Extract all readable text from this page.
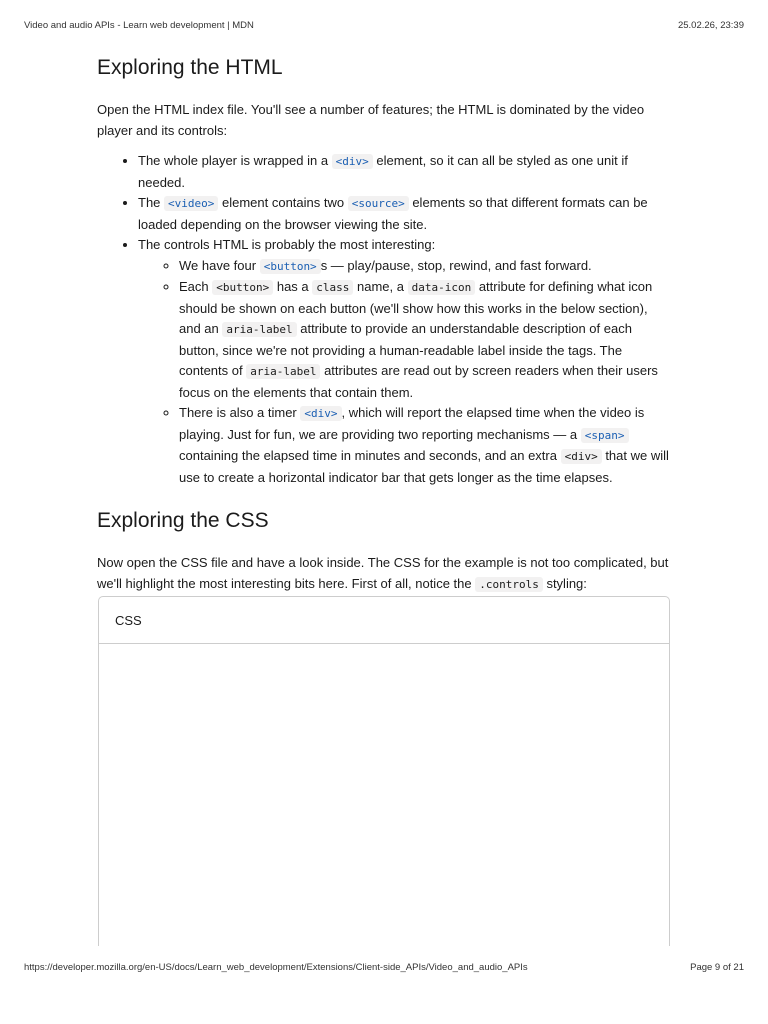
Video and audio APIs - Learn web development | MDN	25.02.26, 23:39
Exploring the HTML

Open the HTML index file. You'll see a number of features; the HTML is dominated by the video player and its controls:

• The whole player is wrapped in a <div> element, so it can all be styled as one unit if needed.
• The <video> element contains two <source> elements so that different formats can be loaded depending on the browser viewing the site.
• The controls HTML is probably the most interesting:
◦ We have four <button> s — play/pause, stop, rewind, and fast forward.
◦ Each <button> has a class name, a data-icon attribute for defining what icon should be shown on each button (we'll show how this works in the below section), and an aria-label attribute to provide an understandable description of each button, since we're not providing a human-readable label inside the tags. The contents of aria-label attributes are read out by screen readers when their users focus on the elements that contain them.
◦ There is also a timer <div> , which will report the elapsed time when the video is playing. Just for fun, we are providing two reporting mechanisms — a <span> containing the elapsed time in minutes and seconds, and an extra <div> that we will use to create a horizontal indicator bar that gets longer as the time elapses.
Exploring the CSS

Now open the CSS file and have a look inside. The CSS for the example is not too complicated, but we'll highlight the most interesting bits here. First of all, notice the .controls styling:

CSS
https://developer.mozilla.org/en-US/docs/Learn_web_development/Extensions/Client-side_APIs/Video_and_audio_APIs	Page 9 of 21
